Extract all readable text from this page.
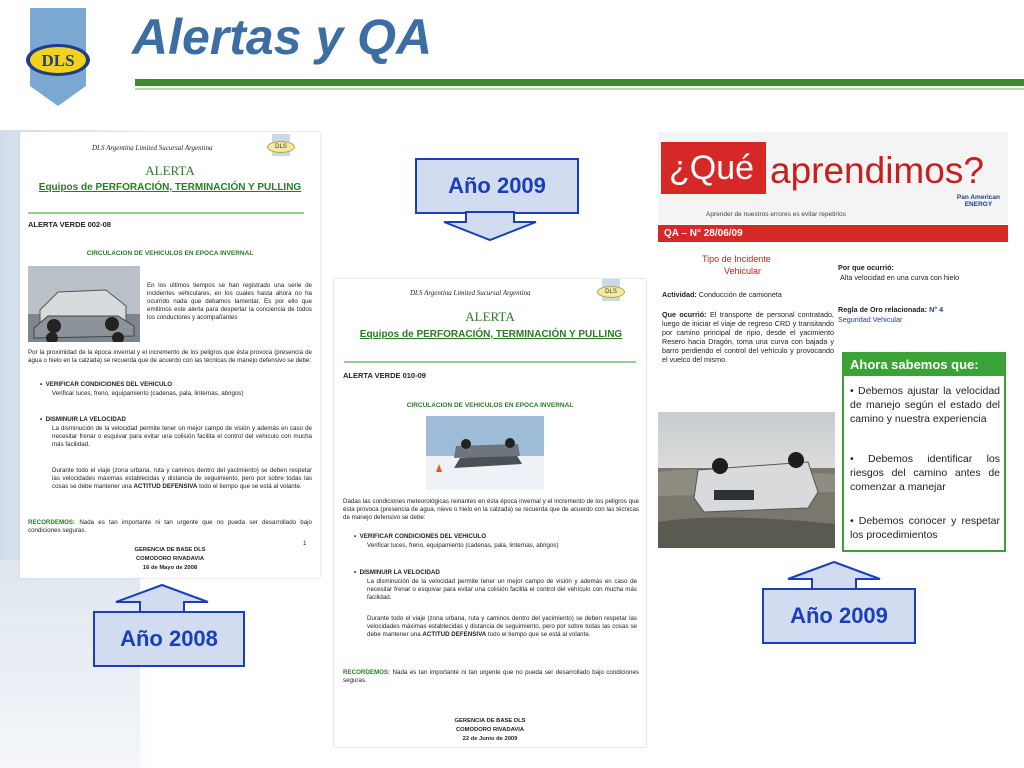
DLS Alertas y QA
DLS Argentina Limited Sucursal Argentina	DLS
ALERTA
Equipos de PERFORACIÓN, TERMINACIÓN Y PULLING
ALERTA VERDE 002-08
CIRCULACION DE VEHICULOS EN EPOCA INVERNAL
En los últimos tiempos se han registrado una serie de incidentes vehiculares, en los cuales hasta ahora no ha ocurrido nada que debamos lamentar. Es por ello que emitimos este alerta para despertar la conciencia de todos los conductores y acompañantes
Por la proximidad de la época invernal y el incremento de los peligros que ésta provoca (presencia de agua o hielo en la calzada) se recuerda que de acuerdo con las técnicas de manejo defensivo se debe:
•  VERIFICAR CONDICIONES DEL VEHICULO
Verificar luces, freno, equipamiento (cadenas, pala, linternas, abrigos)
•  DISMINUIR LA VELOCIDAD
La disminución de la velocidad permite tener un mejor campo de visión y además en caso de necesitar frenar o esquivar para evitar una colisión facilita el control del vehículo con mucha más facilidad.
Durante todo el viaje (zona urbana, ruta y caminos dentro del yacimiento) se deben respetar las velocidades máximas establecidas y distancia de seguimiento, pero por sobre todas las cosas se debe mantener una ACTITUD DEFENSIVA todo el tiempo que se está al volante.
RECORDEMOS: Nada es tan importante ni tan urgente que no pueda ser desarrollado bajo condiciones seguras.
1
GERENCIA DE BASE DLS
COMODORO RIVADAVIA
16 de Mayo de 2008
Año 2008
Año 2009
DLS Argentina Limited Sucursal Argentina	DLS
ALERTA
Equipos de PERFORACIÓN, TERMINACIÓN Y PULLING
ALERTA VERDE 010-09
CIRCULACION DE VEHICULOS EN EPOCA INVERNAL
Dadas las condiciones meteorológicas reinantes en ésta época invernal y el incremento de los peligros que ésta provoca (presencia de agua, nieve o hielo en la calzada) se recuerda que de acuerdo con las técnicas de manejo defensivo se debe:
•  VERIFICAR CONDICIONES DEL VEHICULO
Verificar luces, freno, equipamiento (cadenas, pala, linternas, abrigos)
•  DISMINUIR LA VELOCIDAD
La disminución de la velocidad permite tener un mejor campo de visión y además en caso de necesitar frenar o esquivar para evitar una colisión facilita el control del vehículo con mucha más facilidad.
Durante todo el viaje (zona urbana, ruta y caminos dentro del yacimiento) se deben respetar las velocidades máximas establecidas y distancia de seguimiento, pero por sobre todas las cosas se debe mantener una ACTITUD DEFENSIVA todo el tiempo que se está al volante.
RECORDEMOS: Nada es tan importante ni tan urgente que no pueda ser desarrollado bajo condiciones seguras.
GERENCIA DE BASE DLS
COMODORO RIVADAVIA
22 de Junio de 2009
¿Qué aprendimos?
Aprender de nuestros errores es evitar repetirlos
Pan American
ENERGY
QA – N° 28/06/09
Tipo de Incidente
Vehicular	Por que ocurrió:
Alta velocidad en una curva con hielo
Actividad: Conducción de camioneta
Regla de Oro relacionada: N° 4
Seguridad Vehicular
Que ocurrió: El transporte de personal contratado, luego de iniciar el viaje de regreso CRD y transitando por camino principal de ripio, desde el yacimiento Resero hacia Dragón, toma una curva con bajada y barro perdiendo el control del vehículo y provocando el vuelco del mismo.	Ahora sabemos que:
• Debemos ajustar la velocidad de manejo según el estado del camino y nuestra experiencia
• Debemos identificar los riesgos del camino antes de comenzar a manejar
• Debemos conocer y respetar los procedimientos
Año 2009
